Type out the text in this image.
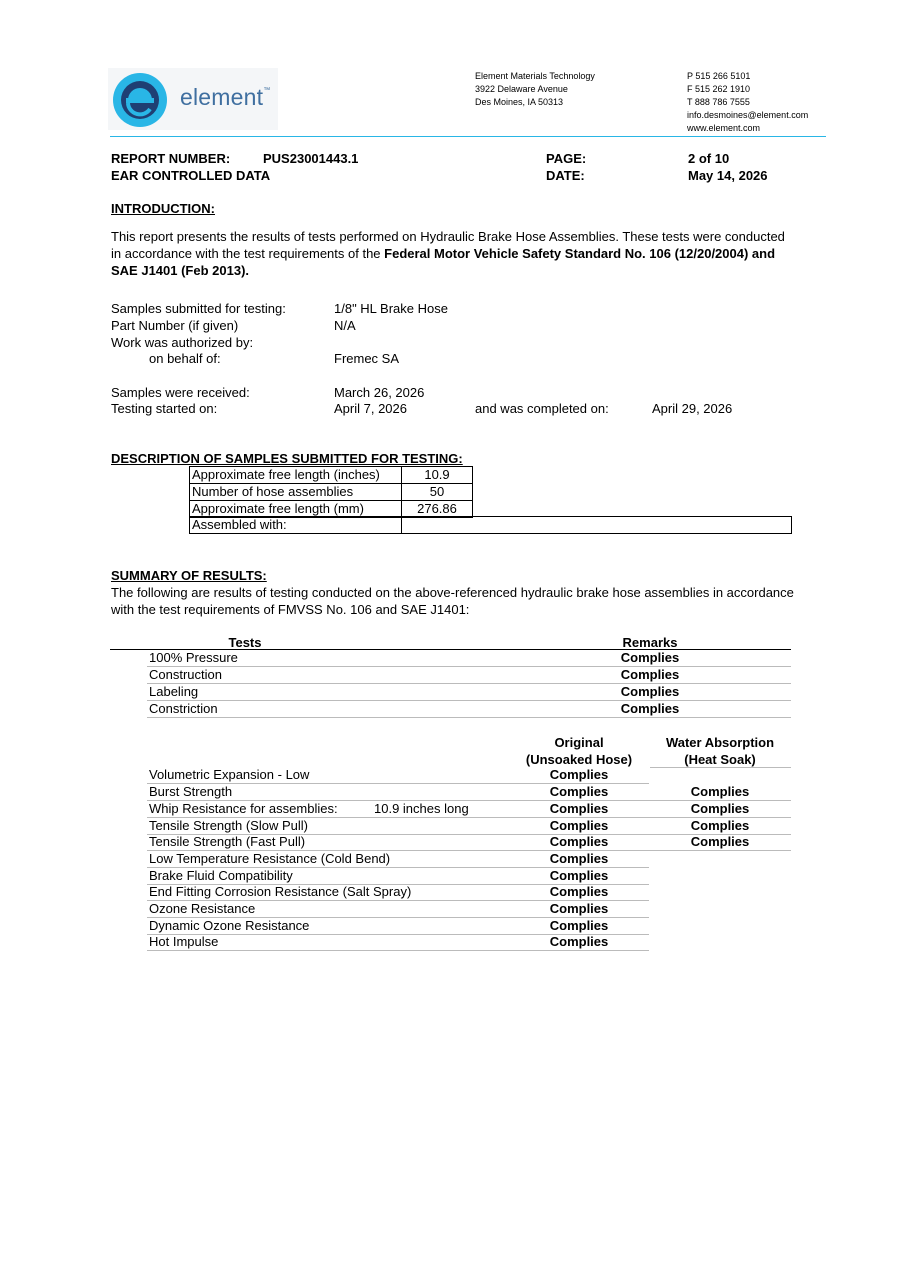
element™
Element Materials Technology
3922 Delaware Avenue
Des Moines, IA 50313
P 515 266 5101
F 515 262 1910
T 888 786 7555
info.desmoines@element.com
www.element.com
REPORT NUMBER:	PUS23001443.1
EAR CONTROLLED DATA
PAGE:	2 of 10
DATE:	May 14, 2026
INTRODUCTION:
This report presents the results of tests performed on Hydraulic Brake Hose Assemblies. These tests were conducted
in accordance with the test requirements of the Federal Motor Vehicle Safety Standard No. 106 (12/20/2004) and
SAE J1401 (Feb 2013).
Samples submitted for testing:	1/8" HL Brake Hose
Part Number (if given)	N/A
Work was authorized by:
on behalf of:	Fremec SA
Samples were received:	March 26, 2026
Testing started on:	April 7, 2026	and was completed on:	April 29, 2026
DESCRIPTION OF SAMPLES SUBMITTED FOR TESTING:
Approximate free length (inches)	10.9
Number of hose assemblies	50
Approximate free length (mm)	276.86
Assembled with:
SUMMARY OF RESULTS:
The following are results of testing conducted on the above-referenced hydraulic brake hose assemblies in accordance
with the test requirements of FMVSS No. 106 and SAE J1401:
Tests	Remarks
100% Pressure	Complies
Construction	Complies
Labeling	Complies
Constriction	Complies
Original
(Unsoaked Hose)
Water Absorption
(Heat Soak)
Volumetric Expansion - Low	Complies
Burst Strength	Complies	Complies
Whip Resistance for assemblies:	10.9 inches long	Complies	Complies
Tensile Strength (Slow Pull)	Complies	Complies
Tensile Strength (Fast Pull)	Complies	Complies
Low Temperature Resistance (Cold Bend)	Complies
Brake Fluid Compatibility	Complies
End Fitting Corrosion Resistance (Salt Spray)	Complies
Ozone Resistance	Complies
Dynamic Ozone Resistance	Complies
Hot Impulse	Complies
